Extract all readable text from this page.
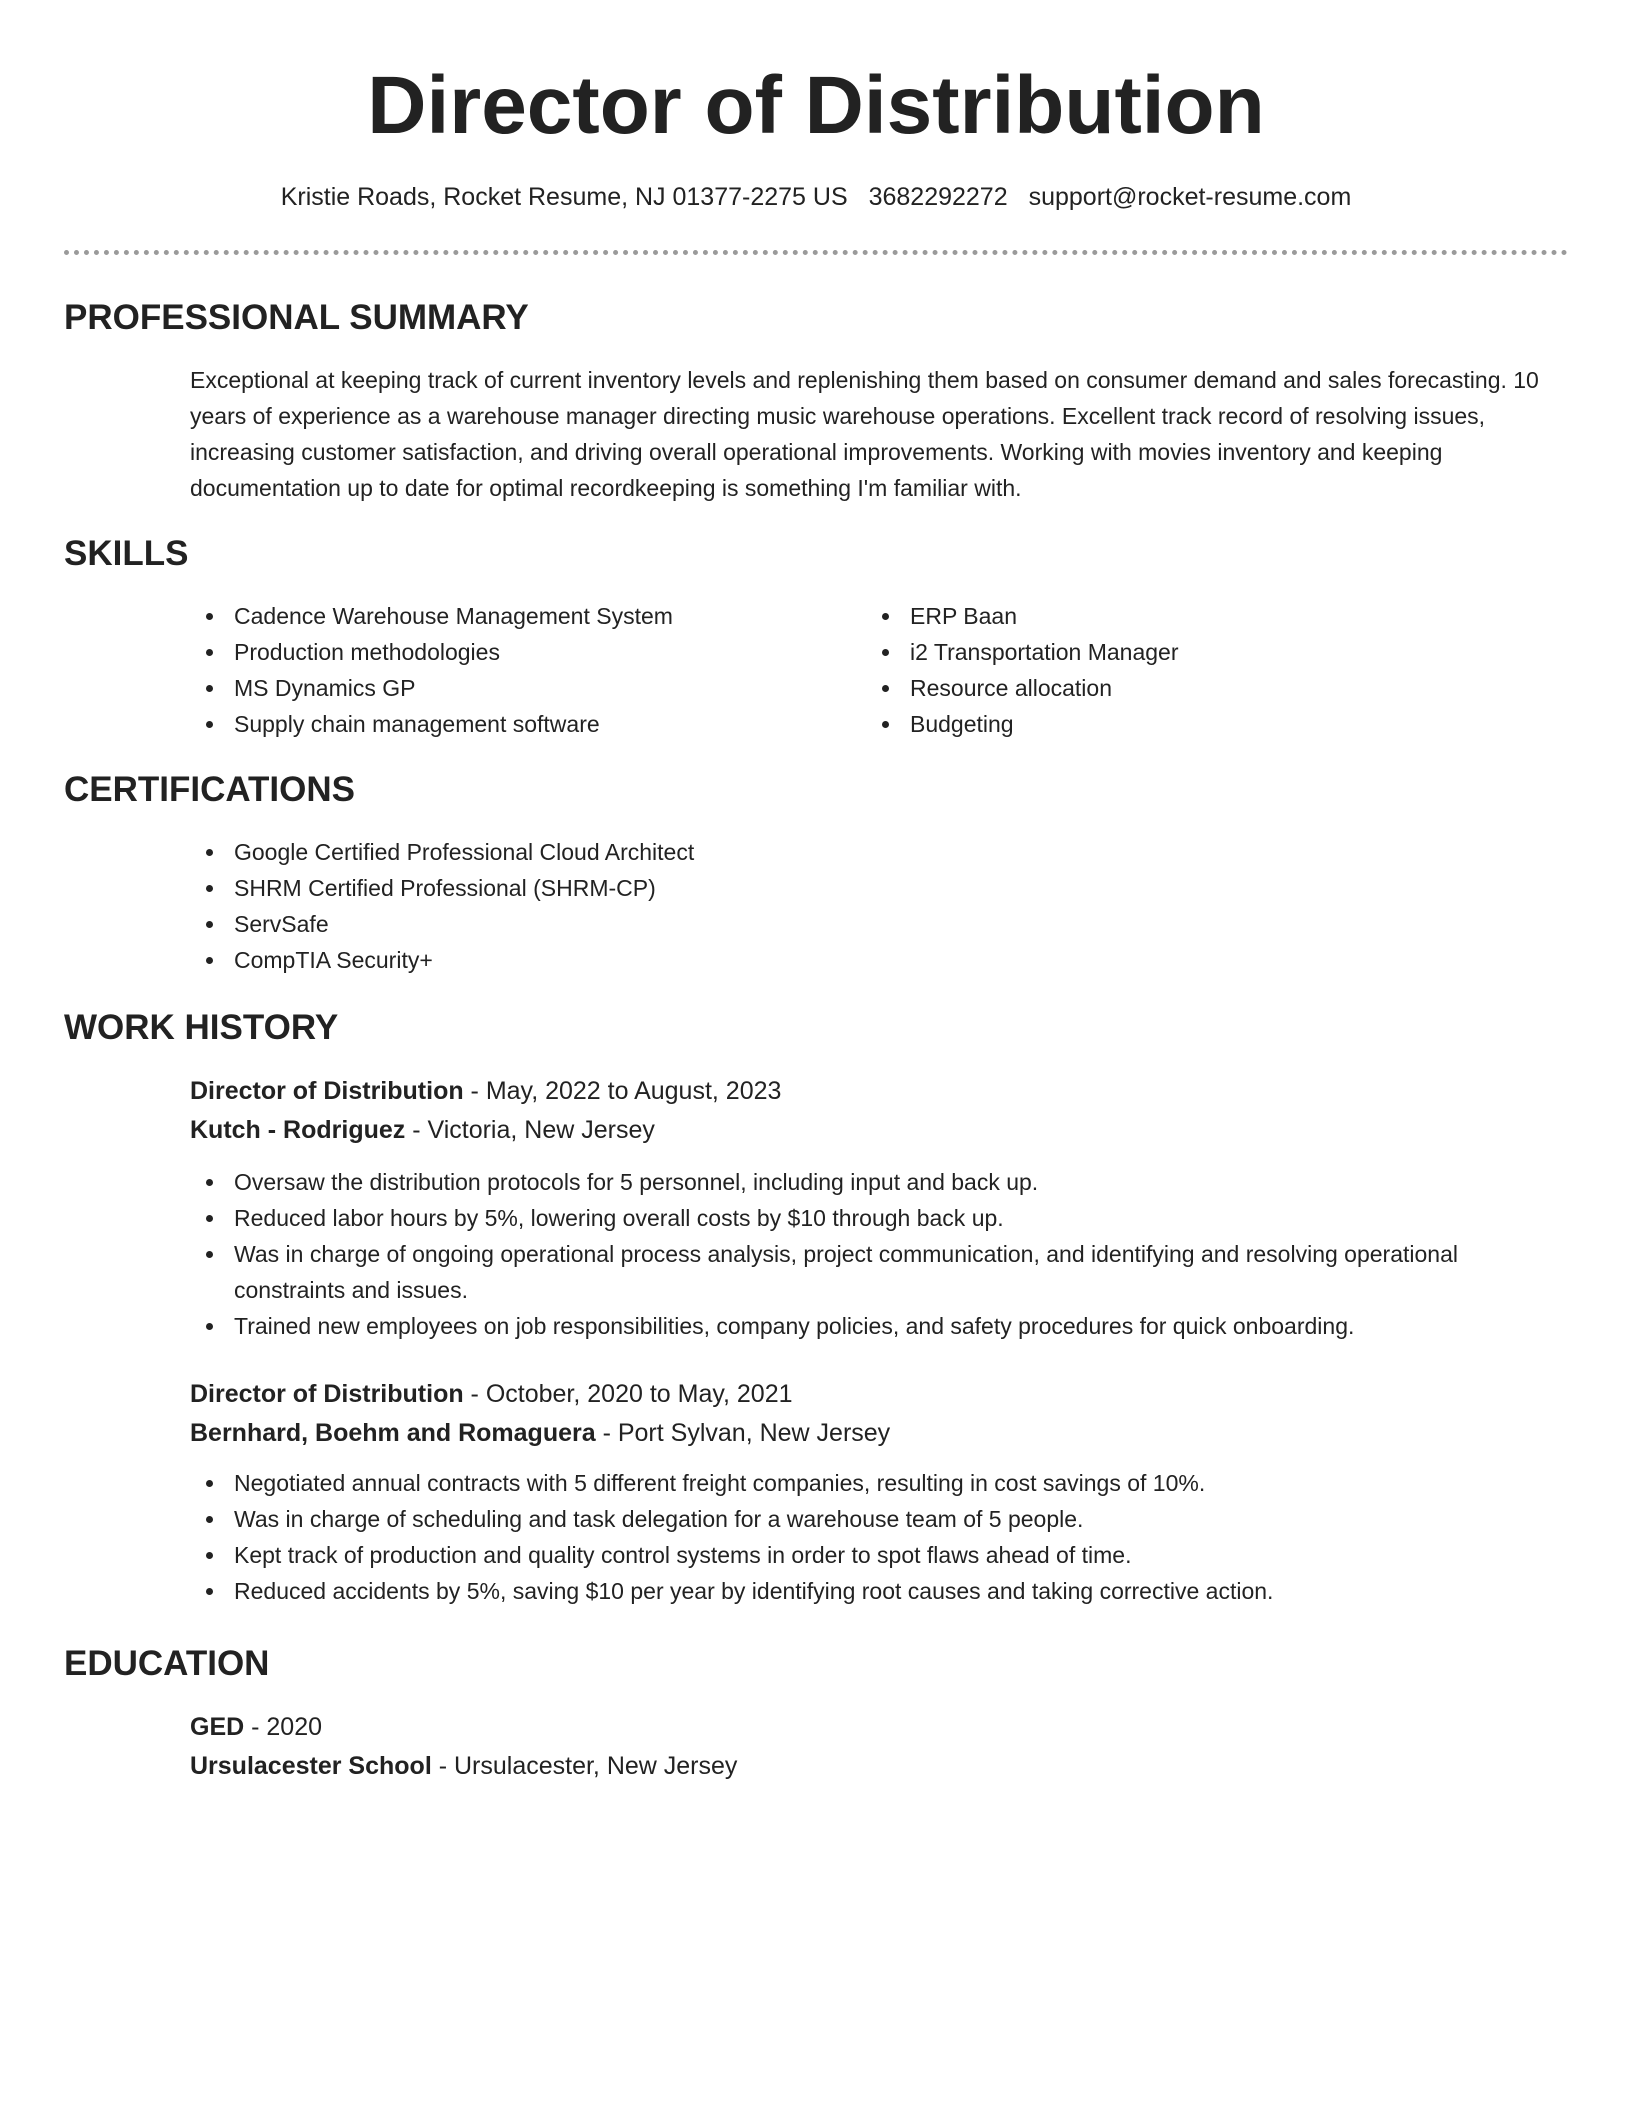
Director of Distribution
Kristie Roads, Rocket Resume, NJ 01377-2275 US 3682292272 support@rocket-resume.com
PROFESSIONAL SUMMARY
Exceptional at keeping track of current inventory levels and replenishing them based on consumer demand and sales forecasting. 10 years of experience as a warehouse manager directing music warehouse operations. Excellent track record of resolving issues, increasing customer satisfaction, and driving overall operational improvements. Working with movies inventory and keeping documentation up to date for optimal recordkeeping is something I'm familiar with.
SKILLS
Cadence Warehouse Management System
Production methodologies
MS Dynamics GP
Supply chain management software
ERP Baan
i2 Transportation Manager
Resource allocation
Budgeting
CERTIFICATIONS
Google Certified Professional Cloud Architect
SHRM Certified Professional (SHRM-CP)
ServSafe
CompTIA Security+
WORK HISTORY
Director of Distribution - May, 2022 to August, 2023
Kutch - Rodriguez - Victoria, New Jersey
Oversaw the distribution protocols for 5 personnel, including input and back up.
Reduced labor hours by 5%, lowering overall costs by $10 through back up.
Was in charge of ongoing operational process analysis, project communication, and identifying and resolving operational constraints and issues.
Trained new employees on job responsibilities, company policies, and safety procedures for quick onboarding.
Director of Distribution - October, 2020 to May, 2021
Bernhard, Boehm and Romaguera - Port Sylvan, New Jersey
Negotiated annual contracts with 5 different freight companies, resulting in cost savings of 10%.
Was in charge of scheduling and task delegation for a warehouse team of 5 people.
Kept track of production and quality control systems in order to spot flaws ahead of time.
Reduced accidents by 5%, saving $10 per year by identifying root causes and taking corrective action.
EDUCATION
GED - 2020
Ursulacester School - Ursulacester, New Jersey
